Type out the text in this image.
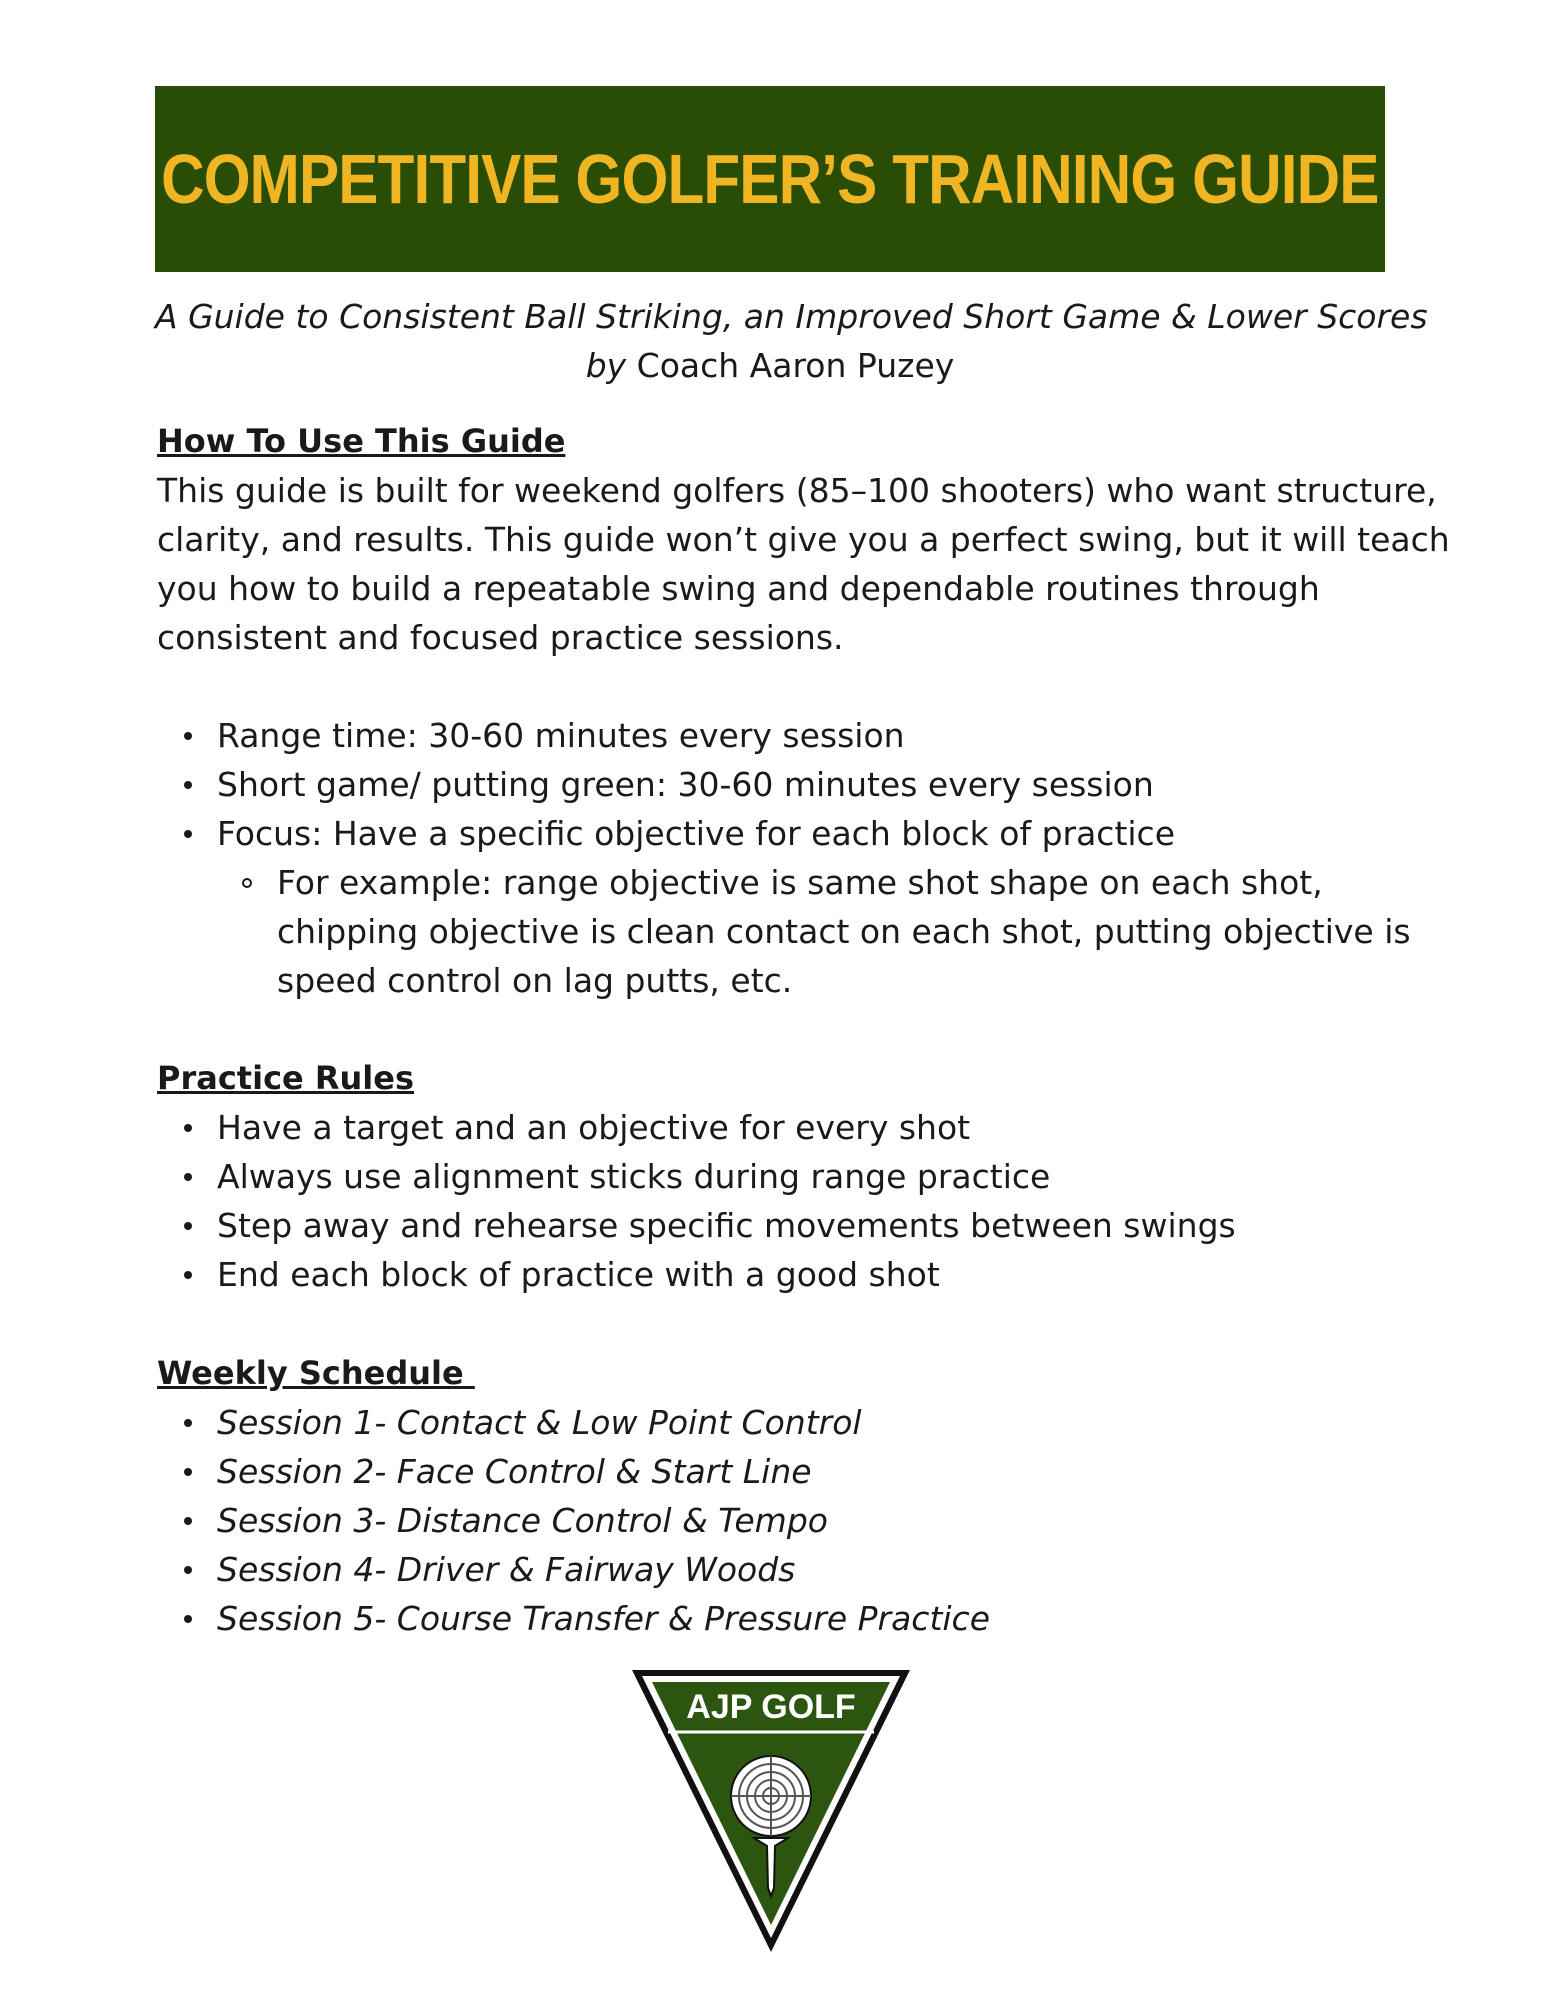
COMPETITIVE GOLFER’S TRAINING GUIDE
A Guide to Consistent Ball Striking, an Improved Short Game & Lower Scores
by Coach Aaron Puzey
How To Use This Guide
This guide is built for weekend golfers (85–100 shooters) who want structure,
clarity, and results. This guide won’t give you a perfect swing, but it will teach
you how to build a repeatable swing and dependable routines through
consistent and focused practice sessions.
Range time: 30-60 minutes every session
Short game/ putting green: 30-60 minutes every session
Focus: Have a specific objective for each block of practice
For example: range objective is same shot shape on each shot,
chipping objective is clean contact on each shot, putting objective is
speed control on lag putts, etc.
Practice Rules
Have a target and an objective for every shot
Always use alignment sticks during range practice
Step away and rehearse specific movements between swings
End each block of practice with a good shot
Weekly Schedule
Session 1- Contact & Low Point Control
Session 2- Face Control & Start Line
Session 3- Distance Control & Tempo
Session 4- Driver & Fairway Woods
Session 5- Course Transfer & Pressure Practice
AJP GOLF
